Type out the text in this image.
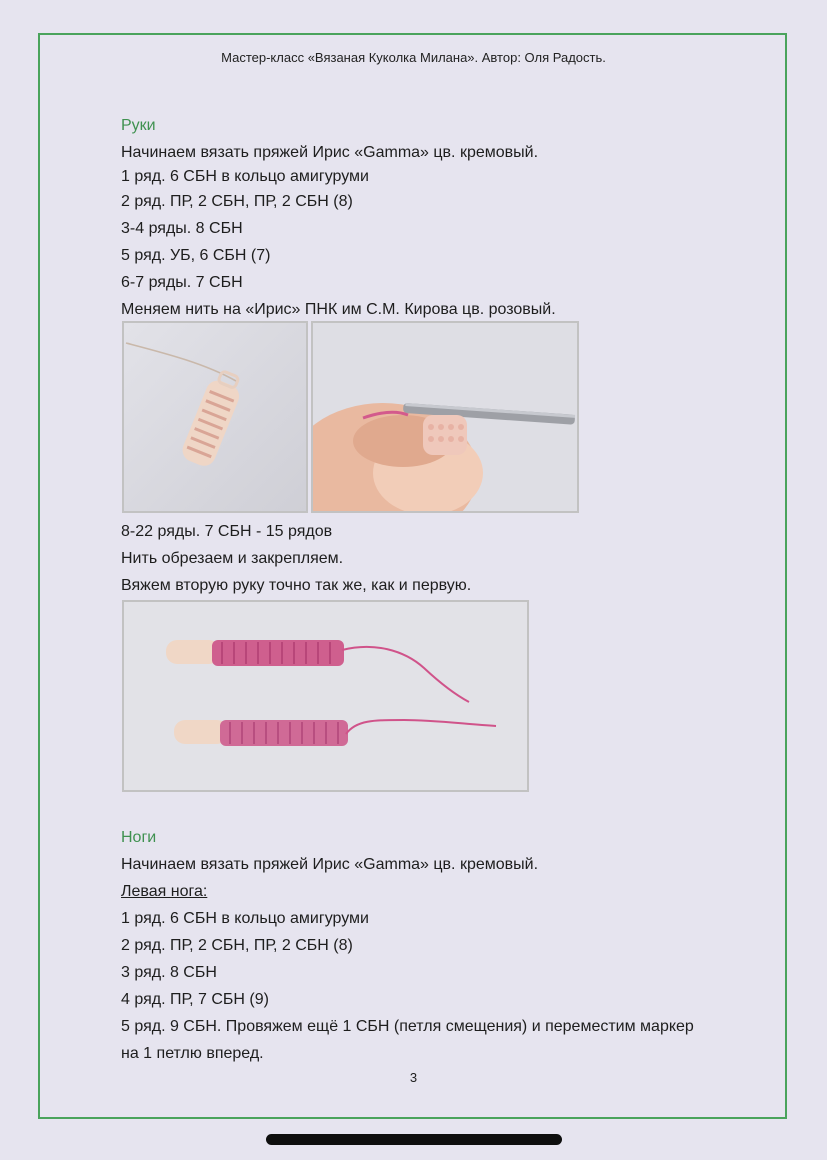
Мастер-класс «Вязаная Куколка Милана». Автор: Оля Радость.

Руки

Начинаем вязать пряжей Ирис «Gamma» цв. кремовый.

1 ряд. 6 СБН в кольцо амигуруми

2 ряд. ПР, 2 СБН, ПР, 2 СБН (8)

3-4 ряды. 8 СБН

5 ряд. УБ, 6 СБН (7)

6-7 ряды. 7 СБН

Меняем нить на «Ирис» ПНК им С.М. Кирова цв. розовый.

8-22 ряды. 7 СБН - 15 рядов

Нить обрезаем и закрепляем.

Вяжем вторую руку точно так же, как и первую.

Ноги

Начинаем вязать пряжей Ирис «Gamma» цв. кремовый.

Левая нога:

1 ряд. 6 СБН в кольцо амигуруми

2 ряд. ПР, 2 СБН, ПР, 2 СБН (8)

3 ряд. 8 СБН

4 ряд. ПР, 7 СБН (9)

5 ряд. 9 СБН. Провяжем ещё 1 СБН (петля смещения) и переместим маркер

на 1 петлю вперед.

3
